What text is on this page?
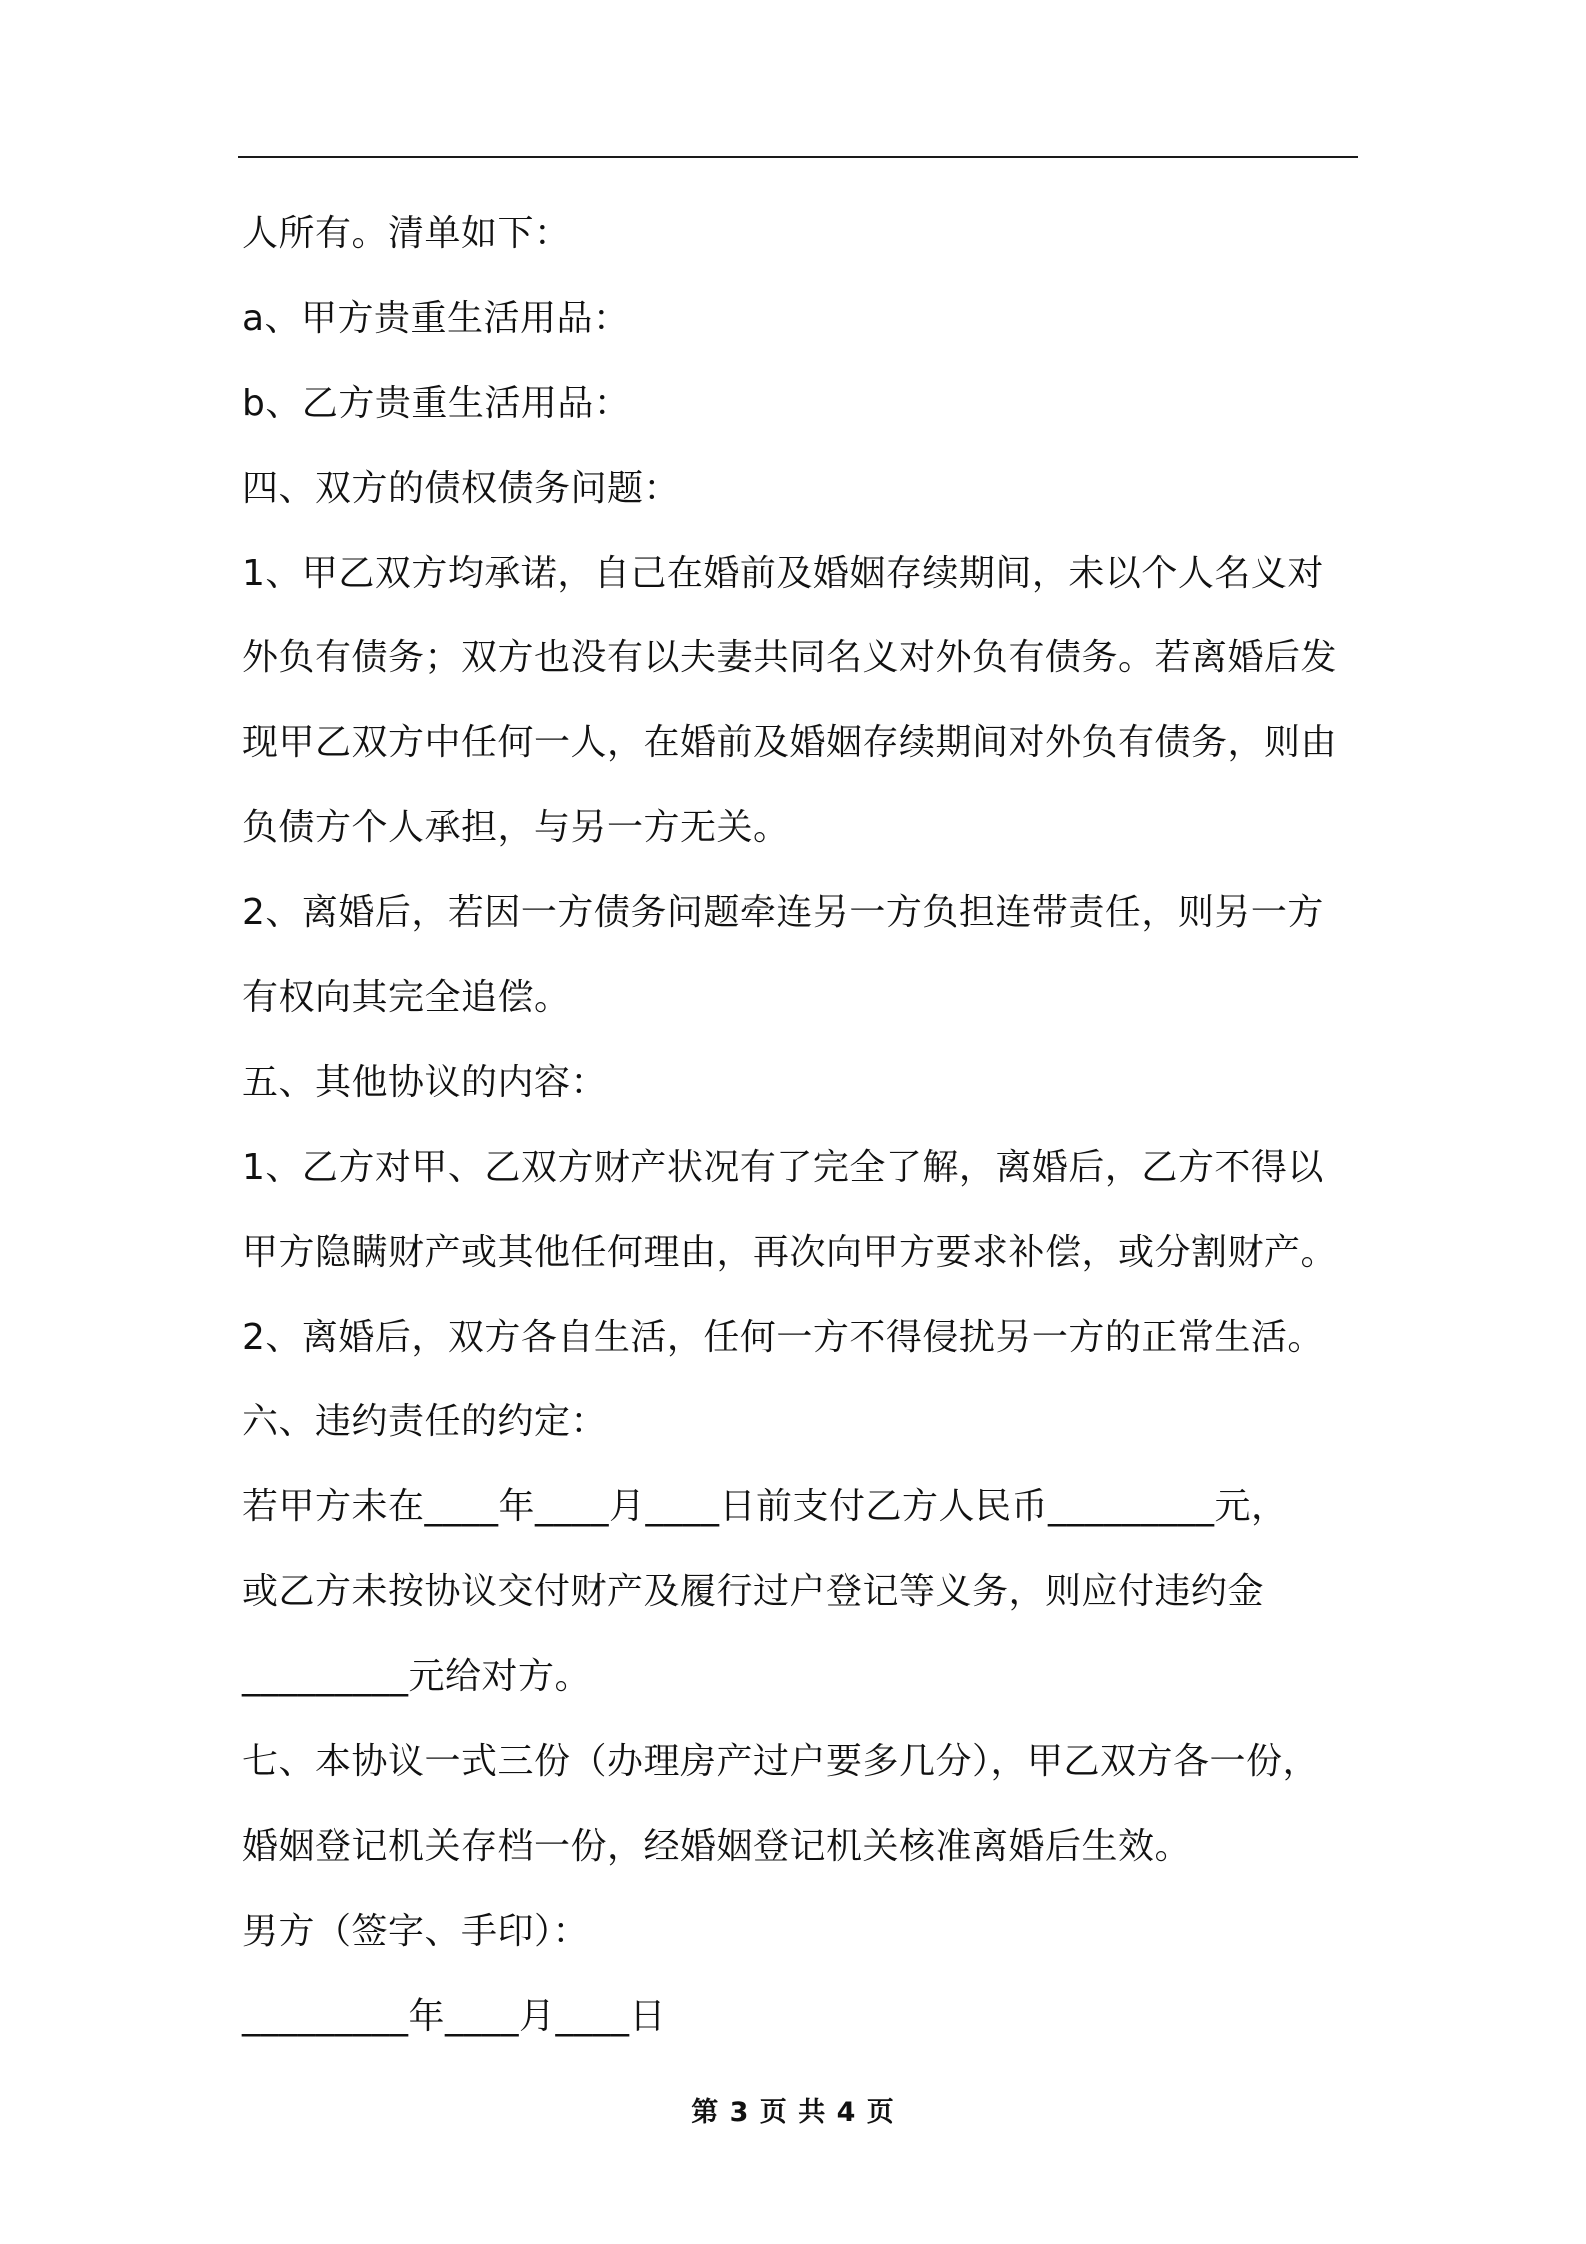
人所有。清单如下：
a、甲方贵重生活用品：
b、乙方贵重生活用品：
四、双方的债权债务问题：
1、甲乙双方均承诺，自己在婚前及婚姻存续期间，未以个人名义对
外负有债务；双方也没有以夫妻共同名义对外负有债务。若离婚后发
现甲乙双方中任何一人，在婚前及婚姻存续期间对外负有债务，则由
负债方个人承担，与另一方无关。
2、离婚后，若因一方债务问题牵连另一方负担连带责任，则另一方
有权向其完全追偿。
五、其他协议的内容：
1、乙方对甲、乙双方财产状况有了完全了解，离婚后，乙方不得以
甲方隐瞒财产或其他任何理由，再次向甲方要求补偿，或分割财产。
2、离婚后，双方各自生活，任何一方不得侵扰另一方的正常生活。
六、违约责任的约定：
若甲方未在____年____月____日前支付乙方人民币_________元，
或乙方未按协议交付财产及履行过户登记等义务，则应付违约金
_________元给对方。
七、本协议一式三份（办理房产过户要多几分），甲乙双方各一份，
婚姻登记机关存档一份，经婚姻登记机关核准离婚后生效。
男方（签字、手印）：
_________年____月____日
第 3 页 共 4 页
